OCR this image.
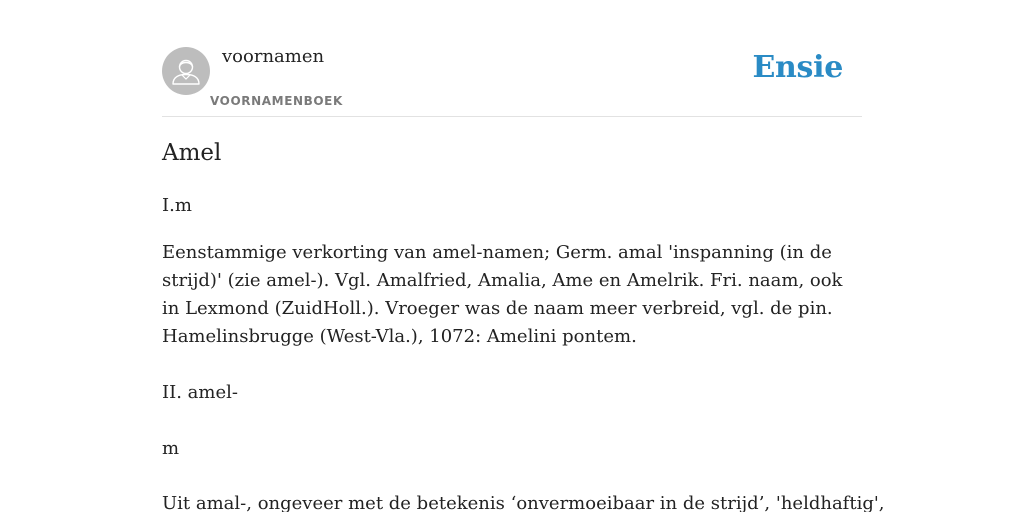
voornamen
VOORNAMENBOEK
Ensie
Amel

I.m

Eenstammige verkorting van amel-namen; Germ. amal 'inspanning (in de strijd)' (zie amel-). Vgl. Amalfried, Amalia, Ame en Amelrik. Fri. naam, ook in Lexmond (ZuidHoll.). Vroeger was de naam meer verbreid, vgl. de pin. Hamelinsbrugge (West-Vla.), 1072: Amelini pontem.

II. amel-

m

Uit amal-, ongeveer met de betekenis ‘onvermoeibaar in de strijd’, 'heldhaftig',
